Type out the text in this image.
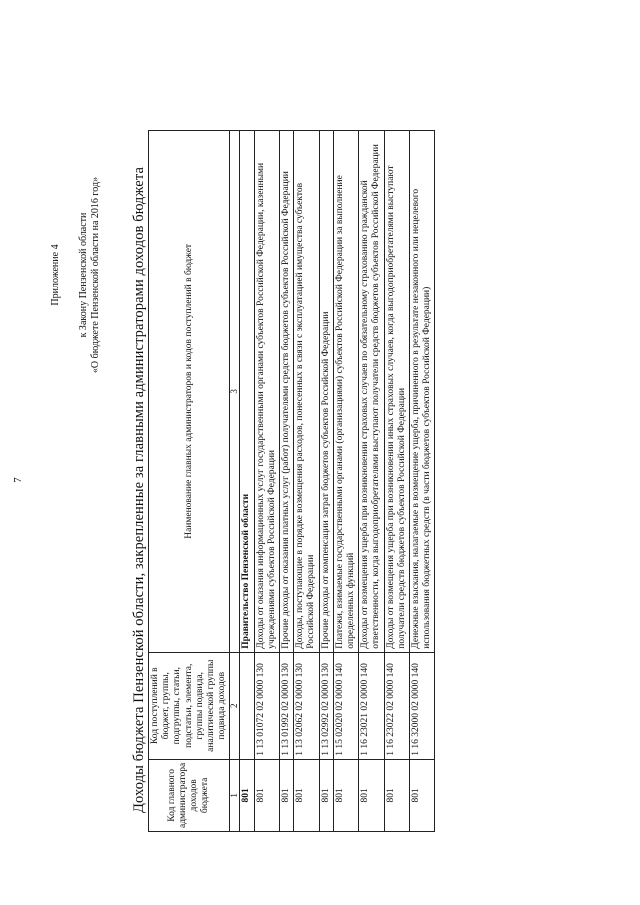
7
Приложение 4 к Закону Пензенской области «О бюджете Пензенской области на 2016 год» Доходы бюджета Пензенской области, закрепленные за главными администраторами доходов бюджета Код главного администратора доходов бюджета	Код поступлений в бюджет, группы, подгруппы, статьи, подстатьи, элемента, группы подвида, аналитической группы подвида доходов	Наименование главных администраторов и кодов поступлений в бюджет
1	2	3
801		Правительство Пензенской области
801	1 13 01072 02 0000 130	Доходы от оказания информационных услуг государственными органами субъектов Российской Федерации, казенными учреждениями субъектов Российской Федерации
801	1 13 01992 02 0000 130	Прочие доходы от оказания платных услуг (работ) получателями средств бюджетов субъектов Российской Федерации
801	1 13 02062 02 0000 130	Доходы, поступающие в порядке возмещения расходов, понесенных в связи с эксплуатацией имущества субъектов Российской Федерации
801	1 13 02992 02 0000 130	Прочие доходы от компенсации затрат бюджетов субъектов Российской Федерации
801	1 15 02020 02 0000 140	Платежи, взимаемые государственными органами (организациями) субъектов Российской Федерации за выполнение определенных функций
801	1 16 23021 02 0000 140	Доходы от возмещения ущерба при возникновении страховых случаев по обязательному страхованию гражданской ответственности, когда выгодоприобретателями выступают получатели средств бюджетов субъектов Российской Федерации
801	1 16 23022 02 0000 140	Доходы от возмещения ущерба при возникновении иных страховых случаев, когда выгодоприобретателями выступают получатели средств бюджетов субъектов Российской Федерации
801	1 16 32000 02 0000 140	Денежные взыскания, налагаемые в возмещение ущерба, причиненного в результате незаконного или нецелевого использования бюджетных средств (в части бюджетов субъектов Российской Федерации)
